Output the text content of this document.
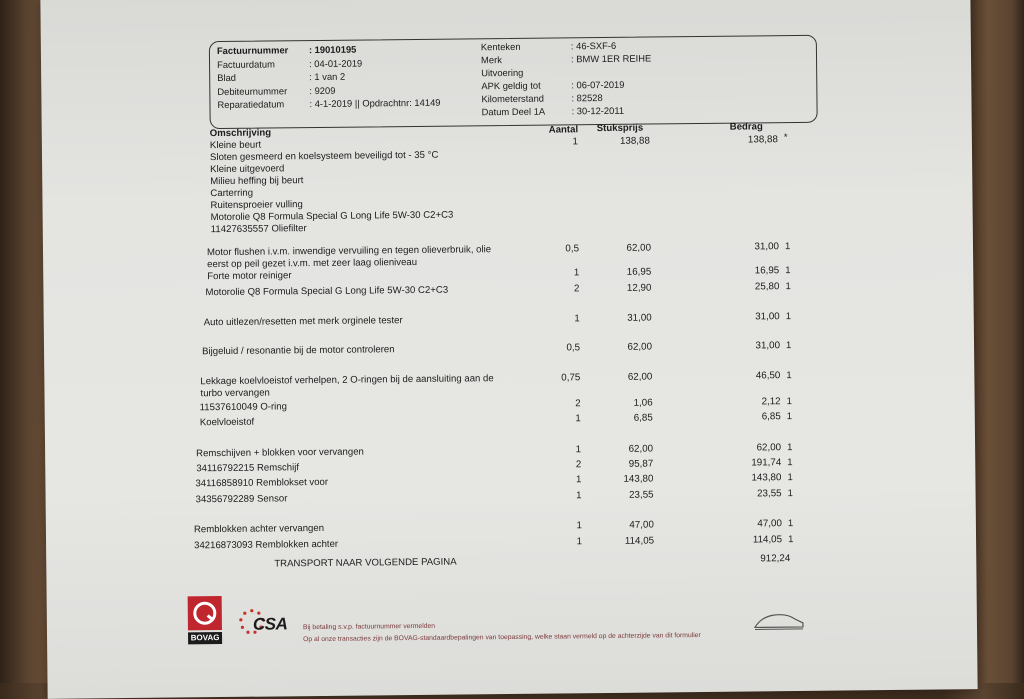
Factuurnummer : 19010195
Factuurdatum	: 04-01-2019
Blad	: 1 van 2
Debiteurnummer : 9209
Reparatiedatum	: 4-1-2019 || Opdrachtnr: 14149
Kenteken	: 46-SXF-6
Merk	: BMW 1ER REIHE
Uitvoering
APK geldig tot	: 06-07-2019
Kilometerstand	: 82528
Datum Deel 1A	: 30-12-2011
Omschrijving	Aantal Stuksprijs	Bedrag
Kleine beurt	1	138,88	138,88 *
Sloten gesmeerd en koelsysteem beveiligd tot - 35 °C
Kleine uitgevoerd
Milieu heffing bij beurt
Carterring
Ruitensproeier vulling
Motorolie Q8 Formula Special G Long Life 5W-30 C2+C3
11427635557 Oliefilter
Motor flushen i.v.m. inwendige vervuiling en tegen olieverbruik, olie	0,5	62,00	31,00 1
eerst op peil gezet i.v.m. met zeer laag olieniveau
Forte motor reiniger	1	16,95	16,95 1
Motorolie Q8 Formula Special G Long Life 5W-30 C2+C3	2	12,90	25,80 1
Auto uitlezen/resetten met merk orginele tester	1	31,00	31,00 1
Bijgeluid / resonantie bij de motor controleren	0,5	62,00	31,00 1
Lekkage koelvloeistof verhelpen, 2 O-ringen bij de aansluiting aan de	0,75	62,00	46,50 1
turbo vervangen
11537610049 O-ring	2	1,06	2,12 1
Koelvloeistof	1	6,85	6,85 1
Remschijven + blokken voor vervangen	1	62,00	62,00 1
34116792215 Remschijf	2	95,87	191,74 1
34116858910 Remblokset voor	1	143,80	143,80 1
34356792289 Sensor	1	23,55	23,55 1
Remblokken achter vervangen	1	47,00	47,00 1
34216873093 Remblokken achter	1	114,05	114,05 1
TRANSPORT NAAR VOLGENDE PAGINA	912,24
BOVAG
CSA Bij betaling s.v.p. factuurnummer vermelden
Op al onze transacties zijn de BOVAG-standaardbepalingen van toepassing, welke staan vermeld op de achterzijde van dit formulier
